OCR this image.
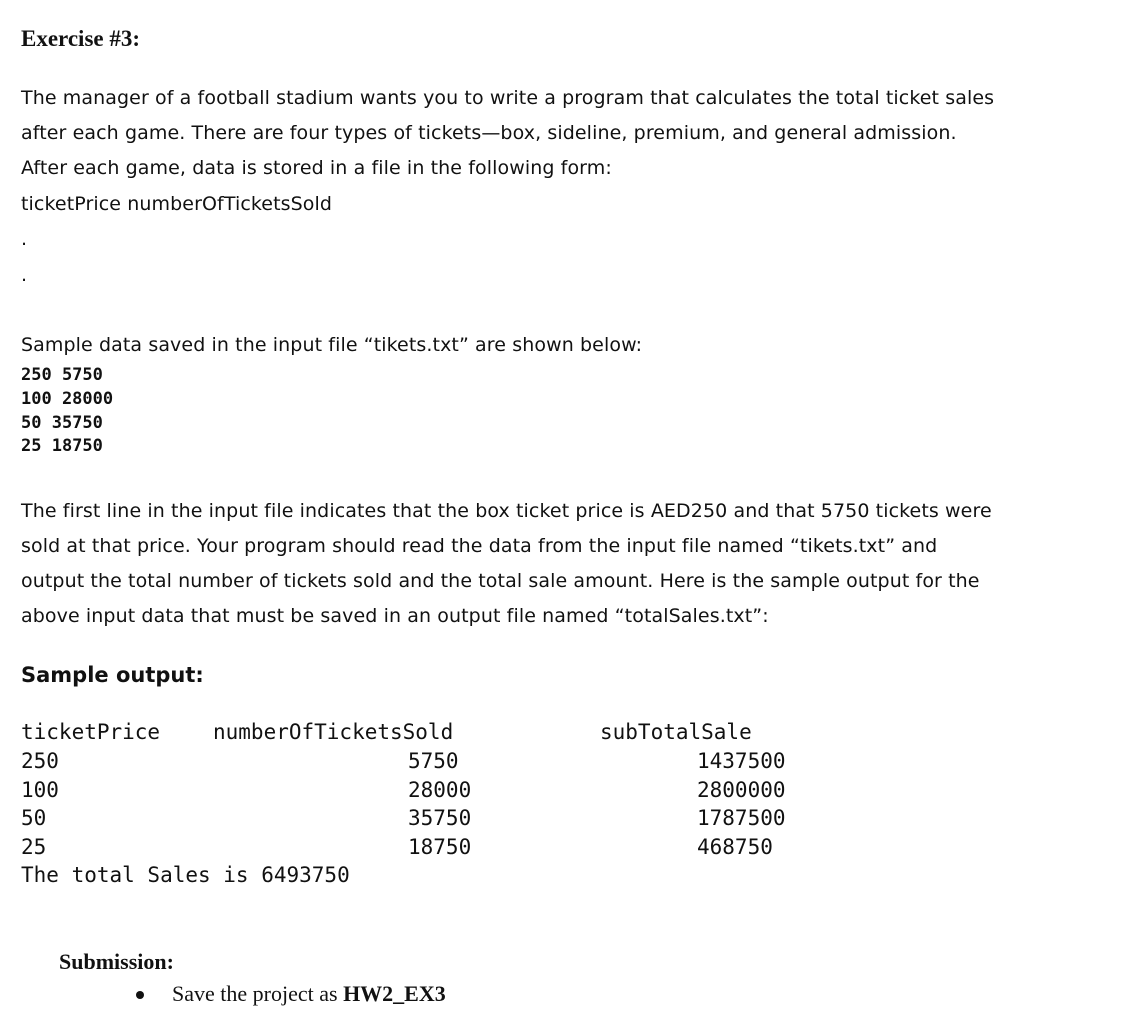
Exercise #3:
The manager of a football stadium wants you to write a program that calculates the total ticket sales
after each game. There are four types of tickets—box, sideline, premium, and general admission.
After each game, data is stored in a file in the following form:
ticketPrice numberOfTicketsSold
.
.
Sample data saved in the input file “tikets.txt” are shown below:
250 5750
100 28000
50 35750
25 18750
The first line in the input file indicates that the box ticket price is AED250 and that 5750 tickets were
sold at that price. Your program should read the data from the input file named “tikets.txt” and
output the total number of tickets sold and the total sale amount. Here is the sample output for the
above input data that must be saved in an output file named “totalSales.txt”:
Sample output:
ticketPrice	numberOfTicketsSold	subTotalSale
250	5750	1437500
100	28000	2800000
50	35750	1787500
25	18750	468750
The total Sales is 6493750
Submission:
Save the project as HW2_EX3
